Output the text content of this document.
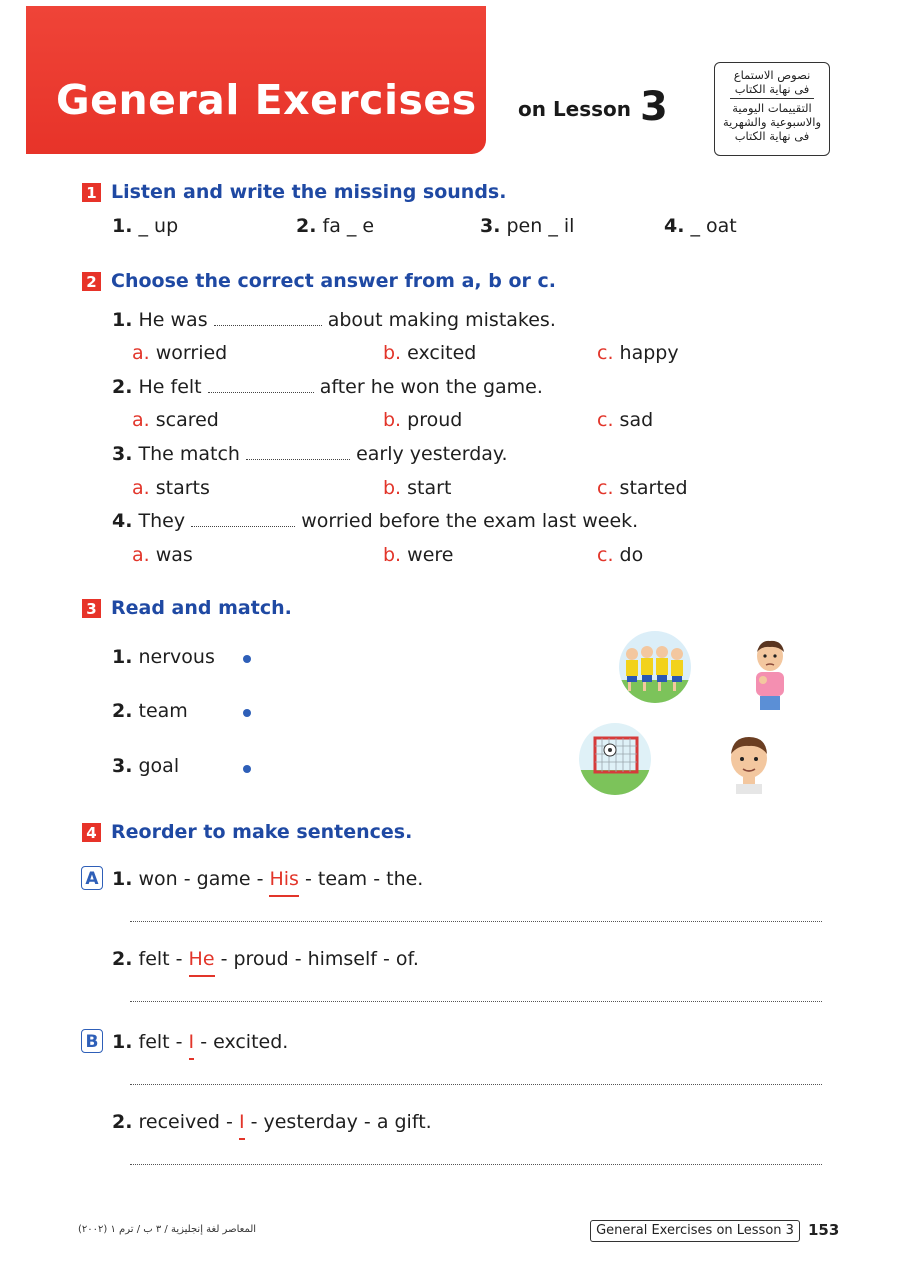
General Exercises on Lesson 3
نصوص الاستماع
فى نهاية الكتاب
التقييمات اليومية
والاسبوعية والشهرية
فى نهاية الكتاب
1 Listen and write the missing sounds.
1. _ up	2. fa _ e	3. pen _ il	4. _ oat
2 Choose the correct answer from a, b or c.
1. He was	about making mistakes.
a. worried	b. excited	c. happy
2. He felt	after he won the game.
a. scared	b. proud	c. sad
3. The match	early yesterday.
a. starts	b. start	c. started
4. They	worried before the exam last week.
a. was	b. were	c. do
3 Read and match.
1. nervous
2. team
3. goal
4 Reorder to make sentences.
A 1. won - game - His - team - the.
2. felt - He - proud - himself - of.
B 1. felt - I - excited.
2. received - I - yesterday - a gift.
المعاصر لغة إنجليزية / ٣ ب / ترم ١ (٢٠٠٢)	General Exercises on Lesson 3 153
